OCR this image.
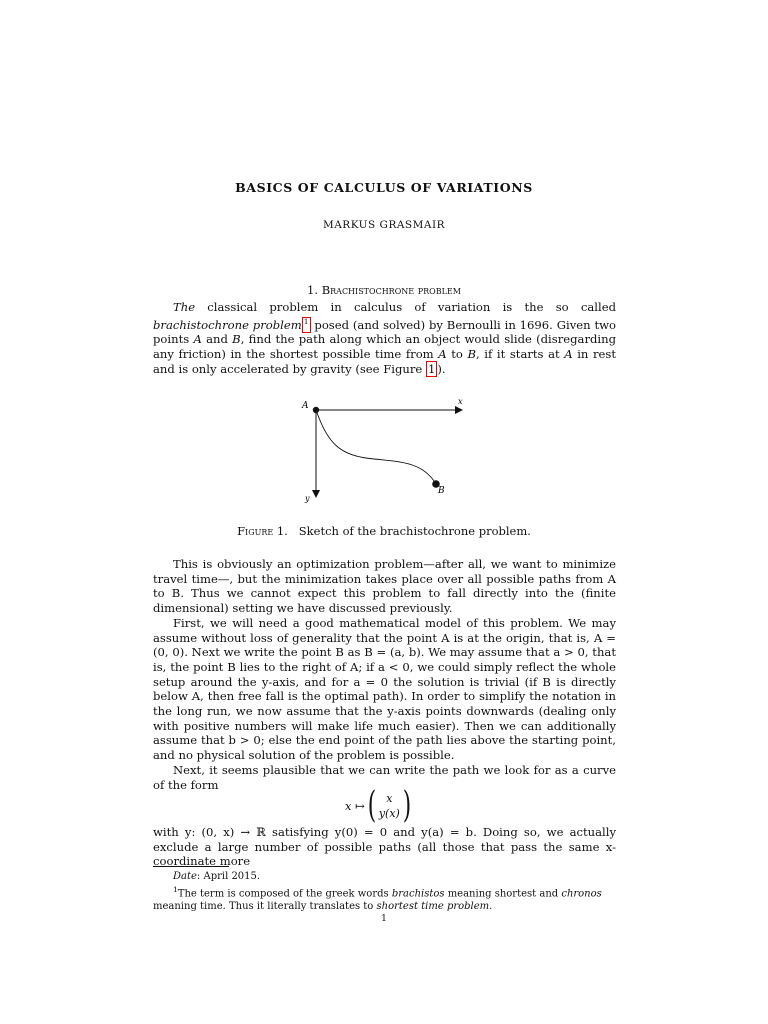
BASICS OF CALCULUS OF VARIATIONS
MARKUS GRASMAIR
1. Brachistochrone problem

The classical problem in calculus of variation is the so called brachistochrone problem $^1$ posed (and solved) by Bernoulli in 1696. Given two points A and B, find the path along which an object would slide (disregarding any friction) in the shortest possible time from A to B, if it starts at A in rest and is only accelerated by gravity (see Figure 1 ).

A
B
x
y
Figure 1. Sketch of the brachistochrone problem.

This is obviously an optimization problem—after all, we want to minimize travel time—, but the minimization takes place over all possible paths from A to B. Thus we cannot expect this problem to fall directly into the (finite dimensional) setting we have discussed previously.

First, we will need a good mathematical model of this problem. We may assume without loss of generality that the point A is at the origin, that is, A = (0, 0). Next we write the point B as B = (a, b). We may assume that a > 0, that is, the point B lies to the right of A; if a < 0, we could simply reflect the whole setup around the y-axis, and for a = 0 the solution is trivial (if B is directly below A, then free fall is the optimal path). In order to simplify the notation in the long run, we now assume that the y-axis points downwards (dealing only with positive numbers will make life much easier). Then we can additionally assume that b > 0; else the end point of the path lies above the starting point, and no physical solution of the problem is possible.

Next, it seems plausible that we can write the path we look for as a curve of the form

x ↦ ( x
y(x) )

with y: (0, x) → ℝ satisfying y(0) = 0 and y(a) = b. Doing so, we actually exclude a large number of possible paths (all those that pass the same x-coordinate more

Date: April 2015.

$^1$The term is composed of the greek words brachistos meaning shortest and chronos meaning time. Thus it literally translates to shortest time problem.

1
